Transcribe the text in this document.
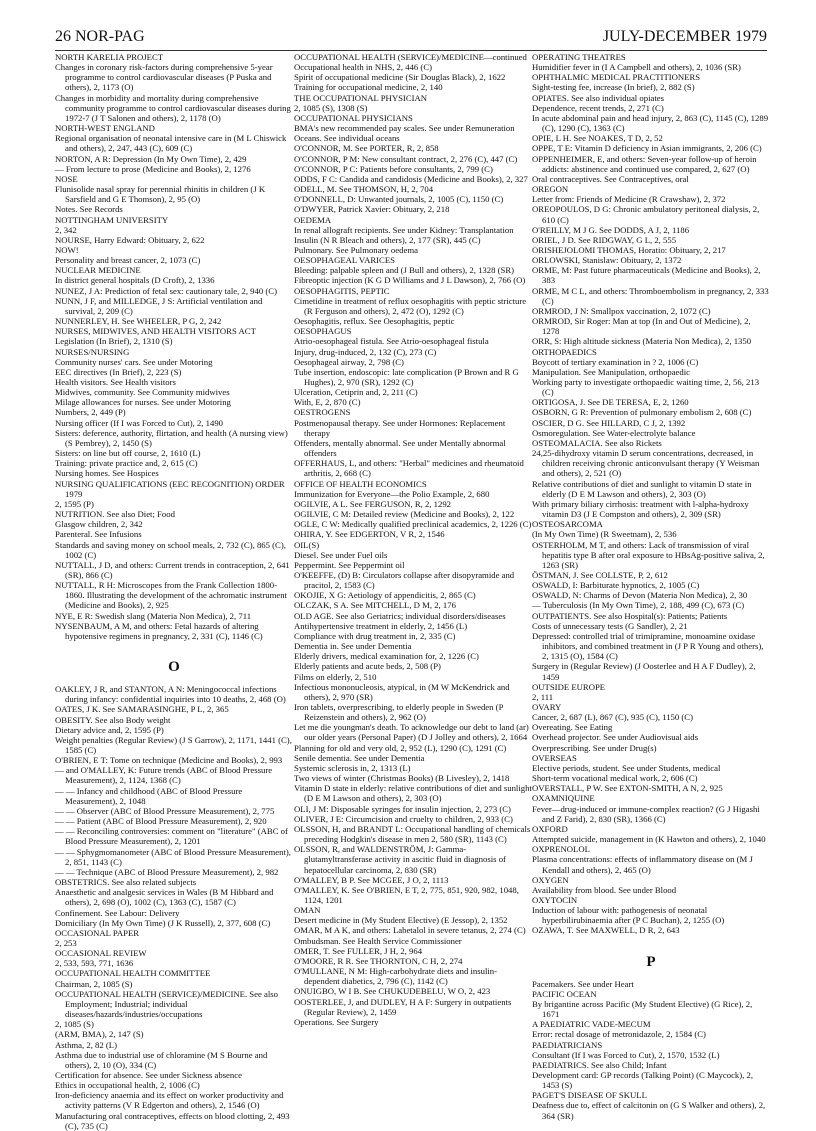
26 NOR-PAG	JULY-DECEMBER 1979

NORTH KARELIA PROJECT

Changes in coronary risk-factors during comprehensive 5-year programme to control cardiovascular diseases (P Puska and others), 2, 1173 (O)

Changes in morbidity and mortality during comprehensive community programme to control cardiovascular diseases during 1972-7 (J T Salonen and others), 2, 1178 (O)

NORTH-WEST ENGLAND

Regional organisation of neonatal intensive care in (M L Chiswick and others), 2, 247, 443 (C), 609 (C)

NORTON, A R: Depression (In My Own Time), 2, 429

— From lecture to prose (Medicine and Books), 2, 1276

NOSE

Flunisolide nasal spray for perennial rhinitis in children (J K Sarsfield and G E Thomson), 2, 95 (O)

Notes. See Records

NOTTINGHAM UNIVERSITY

2, 342

NOURSE, Harry Edward: Obituary, 2, 622

NOW!

Personality and breast cancer, 2, 1073 (C)

NUCLEAR MEDICINE

In district general hospitals (D Croft), 2, 1336

NUNEZ, J A: Prediction of fetal sex: cautionary tale, 2, 940 (C)

NUNN, J F, and MILLEDGE, J S: Artificial ventilation and survival, 2, 209 (C)

NUNNERLEY, H. See WHEELER, P G, 2, 242

NURSES, MIDWIVES, AND HEALTH VISITORS ACT

Legislation (In Brief), 2, 1310 (S)

NURSES/NURSING

Community nurses' cars. See under Motoring

EEC directives (In Brief), 2, 223 (S)

Health visitors. See Health visitors

Midwives, community. See Community midwives

Milage allowances for nurses. See under Motoring

Numbers, 2, 449 (P)

Nursing officer (If I was Forced to Cut), 2, 1490

Sisters: deference, authority, flirtation, and health (A nursing view) (S Pembrey), 2, 1450 (S)

Sisters: on line but off course, 2, 1610 (L)

Training: private practice and, 2, 615 (C)

Nursing homes. See Hospices

NURSING QUALIFICATIONS (EEC RECOGNITION) ORDER 1979

2, 1595 (P)

NUTRITION. See also Diet; Food

Glasgow children, 2, 342

Parenteral. See Infusions

Standards and saving money on school meals, 2, 732 (C), 865 (C), 1002 (C)

NUTTALL, J D, and others: Current trends in contraception, 2, 641 (SR), 866 (C)

NUTTALL, R H: Microscopes from the Frank Collection 1800-1860. Illustrating the development of the achromatic instrument (Medicine and Books), 2, 925

NYE, E R: Swedish slang (Materia Non Medica), 2, 711

NYSENBAUM, A M, and others: Fetal hazards of altering hypotensive regimens in pregnancy, 2, 331 (C), 1146 (C)

O

OAKLEY, J R, and STANTON, A N: Meningococcal infections during infancy: confidential inquiries into 10 deaths, 2, 468 (O)

OATES, J K. See SAMARASINGHE, P L, 2, 365

OBESITY. See also Body weight

Dietary advice and, 2, 1595 (P)

Weight penalties (Regular Review) (J S Garrow), 2, 1171, 1441 (C), 1585 (C)

O'BRIEN, E T: Tome on technique (Medicine and Books), 2, 993

— and O'MALLEY, K: Future trends (ABC of Blood Pressure Measurement), 2, 1124, 1368 (C)

— — Infancy and childhood (ABC of Blood Pressure Measurement), 2, 1048

— — Observer (ABC of Blood Pressure Measurement), 2, 775

— — Patient (ABC of Blood Pressure Measurement), 2, 920

— — Reconciling controversies: comment on "literature" (ABC of Blood Pressure Measurement), 2, 1201

— — Sphygmomanometer (ABC of Blood Pressure Measurement), 2, 851, 1143 (C)

— — Technique (ABC of Blood Pressure Measurement), 2, 982

OBSTETRICS. See also related subjects

Anaesthetic and analgesic services in Wales (B M Hibbard and others), 2, 698 (O), 1002 (C), 1363 (C), 1587 (C)

Confinement. See Labour: Delivery

Domiciliary (In My Own Time) (J K Russell), 2, 377, 608 (C)

OCCASIONAL PAPER

2, 253

OCCASIONAL REVIEW

2, 533, 593, 771, 1636

OCCUPATIONAL HEALTH COMMITTEE

Chairman, 2, 1085 (S)

OCCUPATIONAL HEALTH (SERVICE)/MEDICINE. See also Employment; Industrial; individual diseases/hazards/industries/occupations

2, 1085 (S)

(ARM, BMA), 2, 147 (S)

Asthma, 2, 82 (L)

Asthma due to industrial use of chloramine (M S Bourne and others), 2, 10 (O), 334 (C)

Certification for absence. See under Sickness absence

Ethics in occupational health, 2, 1006 (C)

Iron-deficiency anaemia and its effect on worker productivity and activity patterns (V R Edgerton and others), 2, 1546 (O)

Manufacturing oral contraceptives, effects on blood clotting, 2, 493 (C), 735 (C)

OCCUPATIONAL HEALTH (SERVICE)/MEDICINE—continued

Occupational health in NHS, 2, 446 (C)

Spirit of occupational medicine (Sir Douglas Black), 2, 1622

Training for occupational medicine, 2, 140

THE OCCUPATIONAL PHYSICIAN

2, 1085 (S), 1308 (S)

OCCUPATIONAL PHYSICIANS

BMA's new recommended pay scales. See under Remuneration

Oceans. See individual oceans

O'CONNOR, M. See PORTER, R, 2, 858

O'CONNOR, P M: New consultant contract, 2, 276 (C), 447 (C)

O'CONNOR, P C: Patients before consultants, 2, 799 (C)

ODDS, F C: Candida and candidosis (Medicine and Books), 2, 327

ODELL, M. See THOMSON, H, 2, 704

O'DONNELL, D: Unwanted journals, 2, 1005 (C), 1150 (C)

O'DWYER, Patrick Xavier: Obituary, 2, 218

OEDEMA

In renal allograft recipients. See under Kidney: Transplantation

Insulin (N R Bleach and others), 2, 177 (SR), 445 (C)

Pulmonary. See Pulmonary oedema

OESOPHAGEAL VARICES

Bleeding: palpable spleen and (J Bull and others), 2, 1328 (SR)

Fibreoptic injection (K G D Williams and J L Dawson), 2, 766 (O)

OESOPHAGITIS, PEPTIC

Cimetidine in treatment of reflux oesophagitis with peptic stricture (R Ferguson and others), 2, 472 (O), 1292 (C)

Oesophagitis, reflux. See Oesophagitis, peptic

OESOPHAGUS

Atrio-oesophageal fistula. See Atrio-oesophageal fistula

Injury, drug-induced, 2, 132 (C), 273 (C)

Oesophageal airway, 2, 798 (C)

Tube insertion, endoscopic: late complication (P Brown and R G Hughes), 2, 970 (SR), 1292 (C)

Ulceration, Cetiprin and, 2, 211 (C)

With, E, 2, 870 (C)

OESTROGENS

Postmenopausal therapy. See under Hormones: Replacement therapy

Offenders, mentally abnormal. See under Mentally abnormal offenders

OFFERHAUS, L, and others: "Herbal" medicines and rheumatoid arthritis, 2, 668 (C)

OFFICE OF HEALTH ECONOMICS

Immunization for Everyone—the Polio Example, 2, 680

OGILVIE, A L. See FERGUSON, R, 2, 1292

OGILVIE, C M: Detailed review (Medicine and Books), 2, 122

OGLE, C W: Medically qualified preclinical academics, 2, 1226 (C)

OHIRA, Y. See EDGERTON, V R, 2, 1546

OIL(S)

Diesel. See under Fuel oils

Peppermint. See Peppermint oil

O'KEEFFE, (D) B: Circulators collapse after disopyramide and pracitol, 2, 1583 (C)

OKOJIE, X G: Aetiology of appendicitis, 2, 865 (C)

OLCZAK, S A. See MITCHELL, D M, 2, 176

OLD AGE. See also Geriatrics; individual disorders/diseases

Antihypertensive treatment in elderly, 2, 1456 (L)

Compliance with drug treatment in, 2, 335 (C)

Dementia in. See under Dementia

Elderly drivers, medical examination for, 2, 1226 (C)

Elderly patients and acute beds, 2, 508 (P)

Films on elderly, 2, 510

Infectious mononucleosis, atypical, in (M W McKendrick and others), 2, 970 (SR)

Iron tablets, overprescribing, to elderly people in Sweden (P Reizenstein and others), 2, 962 (O)

Let me die youngman's death. To acknowledge our debt to land (ar) our older years (Personal Paper) (D J Jolley and others), 2, 1664

Planning for old and very old, 2, 952 (L), 1290 (C), 1291 (C)

Senile dementia. See under Dementia

Systemic sclerosis in, 2, 1313 (L)

Two views of winter (Christmas Books) (B Livesley), 2, 1418

Vitamin D state in elderly: relative contributions of diet and sunlight (D E M Lawson and others), 2, 303 (O)

OLI, J M: Disposable syringes for insulin injection, 2, 273 (C)

OLIVER, J E: Circumcision and cruelty to children, 2, 933 (C)

OLSSON, H, and BRANDT L: Occupational handling of chemicals preceding Hodgkin's disease in men 2, 580 (SR), 1143 (C)

OLSSON, R, and WALDENSTRÖM, J: Gamma-glutamyltransferase activity in ascitic fluid in diagnosis of hepatocellular carcinoma, 2, 830 (SR)

O'MALLEY, B P. See MCGEE, J O, 2, 1113

O'MALLEY, K. See O'BRIEN, E T, 2, 775, 851, 920, 982, 1048, 1124, 1201

OMAN

Desert medicine in (My Student Elective) (E Jessop), 2, 1352

OMAR, M A K, and others: Labetalol in severe tetanus, 2, 274 (C)

Ombudsman. See Health Service Commissioner

OMER, T. See FULLER, J H, 2, 964

O'MOORE, R R. See THORNTON, C H, 2, 274

O'MULLANE, N M: High-carbohydrate diets and insulin-dependent diabetics, 2, 796 (C), 1142 (C)

ONUIGBO, W I B. See CHUKUDEBELU, W O, 2, 423

OOSTERLEE, J, and DUDLEY, H A F: Surgery in outpatients (Regular Review), 2, 1459

Operations. See Surgery

OPERATING THEATRES

Humidifier fever in (I A Campbell and others), 2, 1036 (SR)

OPHTHALMIC MEDICAL PRACTITIONERS

Sight-testing fee, increase (In brief), 2, 882 (S)

OPIATES. See also individual opiates

Dependence, recent trends, 2, 271 (C)

In acute abdominal pain and head injury, 2, 863 (C), 1145 (C), 1289 (C), 1290 (C), 1363 (C)

OPIE, L H. See NOAKES, T D, 2, 52

OPPE, T E: Vitamin D deficiency in Asian immigrants, 2, 206 (C)

OPPENHEIMER, E, and others: Seven-year follow-up of heroin addicts: abstinence and continued use compared, 2, 627 (O)

Oral contraceptives. See Contraceptives, oral

OREGON

Letter from: Friends of Medicine (R Crawshaw), 2, 372

OREOPOULOS, D G: Chronic ambulatory peritoneal dialysis, 2, 610 (C)

O'REILLY, M J G. See DODDS, A J, 2, 1186

ORIEL, J D. See RIDGWAY, G L, 2, 555

ORISHEJOLOMI THOMAS, Horatio: Obituary, 2, 217

ORLOWSKI, Stanislaw: Obituary, 2, 1372

ORME, M: Past future pharmaceuticals (Medicine and Books), 2, 383

ORME, M C L, and others: Thromboembolism in pregnancy, 2, 333 (C)

ORMROD, J N: Smallpox vaccination, 2, 1072 (C)

ORMROD, Sir Roger: Man at top (In and Out of Medicine), 2, 1278

ORR, S: High altitude sickness (Materia Non Medica), 2, 1350

ORTHOPAEDICS

Boycott of tertiary examination in ? 2, 1006 (C)

Manipulation. See Manipulation, orthopaedic

Working party to investigate orthopaedic waiting time, 2, 56, 213 (C)

ORTIGOSA, J. See DE TERESA, E, 2, 1260

OSBORN, G R: Prevention of pulmonary embolism 2, 608 (C)

OSCIER, D G. See HILLARD, C J, 2, 1392

Osmoregulation. See Water-electrolyte balance

OSTEOMALACIA. See also Rickets

24,25-dihydroxy vitamin D serum concentrations, decreased, in children receiving chronic anticonvulsant therapy (Y Weisman and others), 2, 521 (O)

Relative contributions of diet and sunlight to vitamin D state in elderly (D E M Lawson and others), 2, 303 (O)

With primary biliary cirrhosis: treatment with l-alpha-hydroxy vitamin D3 (J E Compston and others), 2, 309 (SR)

OSTEOSARCOMA

(In My Own Time) (R Sweetnam), 2, 536

OSTERHOLM, M T, and others: Lack of transmission of viral hepatitis type B after oral exposure to HBsAg-positive saliva, 2, 1263 (SR)

ÖSTMAN, J. See COLLSTE, P, 2, 612

OSWALD, I: Barbiturate hypnotics, 2, 1005 (C)

OSWALD, N: Charms of Devon (Materia Non Medica), 2, 30

— Tuberculosis (In My Own Time), 2, 188, 499 (C), 673 (C)

OUTPATIENTS. See also Hospital(s): Patients; Patients

Costs of unnecessary tests (G Sandler), 2, 21

Depressed: controlled trial of trimipramine, monoamine oxidase inhibitors, and combined treatment in (J P R Young and others), 2, 1315 (O), 1584 (C)

Surgery in (Regular Review) (J Oosterlee and H A F Dudley), 2, 1459

OUTSIDE EUROPE

2, 111

OVARY

Cancer, 2, 687 (L), 867 (C), 935 (C), 1150 (C)

Overeating. See Eating

Overhead projector. See under Audiovisual aids

Overprescribing. See under Drug(s)

OVERSEAS

Elective periods, student. See under Students, medical

Short-term vocational medical work, 2, 606 (C)

OVERSTALL, P W. See EXTON-SMITH, A N, 2, 925

OXAMNIQUINE

Fever—drug-induced or immune-complex reaction? (G J Higashi and Z Farid), 2, 830 (SR), 1366 (C)

OXFORD

Attempted suicide, management in (K Hawton and others), 2, 1040

OXPRENOLOL

Plasma concentrations: effects of inflammatory disease on (M J Kendall and others), 2, 465 (O)

OXYGEN

Availability from blood. See under Blood

OXYTOCIN

Induction of labour with: pathogenesis of neonatal hyperbilirubinaemia after (P C Buchan), 2, 1255 (O)

OZAWA, T. See MAXWELL, D R, 2, 643

P

Pacemakers. See under Heart

PACIFIC OCEAN

By brigantine across Pacific (My Student Elective) (G Rice), 2, 1671

A PAEDIATRIC VADE-MECUM

Error: rectal dosage of metronidazole, 2, 1584 (C)

PAEDIATRICIANS

Consultant (If I was Forced to Cut), 2, 1570, 1532 (L)

PAEDIATRICS. See also Child; Infant

Development card: GP records (Talking Point) (C Maycock), 2, 1453 (S)

PAGET'S DISEASE OF SKULL

Deafness due to, effect of calcitonin on (G S Walker and others), 2, 364 (SR)
